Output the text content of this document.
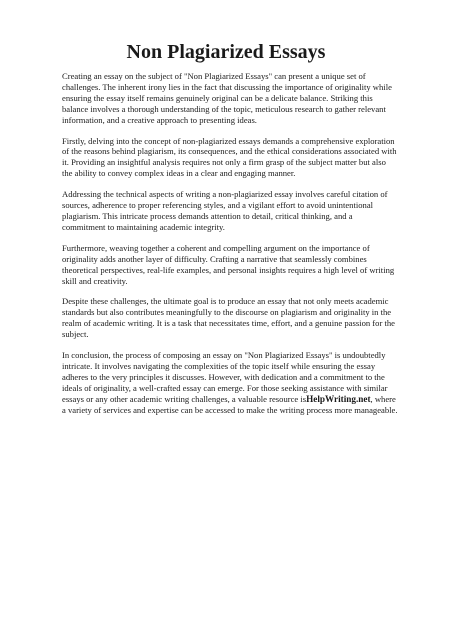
Non Plagiarized Essays

Creating an essay on the subject of "Non Plagiarized Essays" can present a unique set of challenges. The inherent irony lies in the fact that discussing the importance of originality while ensuring the essay itself remains genuinely original can be a delicate balance. Striking this balance involves a thorough understanding of the topic, meticulous research to gather relevant information, and a creative approach to presenting ideas.

Firstly, delving into the concept of non-plagiarized essays demands a comprehensive exploration of the reasons behind plagiarism, its consequences, and the ethical considerations associated with it. Providing an insightful analysis requires not only a firm grasp of the subject matter but also the ability to convey complex ideas in a clear and engaging manner.

Addressing the technical aspects of writing a non-plagiarized essay involves careful citation of sources, adherence to proper referencing styles, and a vigilant effort to avoid unintentional plagiarism. This intricate process demands attention to detail, critical thinking, and a commitment to maintaining academic integrity.

Furthermore, weaving together a coherent and compelling argument on the importance of originality adds another layer of difficulty. Crafting a narrative that seamlessly combines theoretical perspectives, real-life examples, and personal insights requires a high level of writing skill and creativity.

Despite these challenges, the ultimate goal is to produce an essay that not only meets academic standards but also contributes meaningfully to the discourse on plagiarism and originality in the realm of academic writing. It is a task that necessitates time, effort, and a genuine passion for the subject.

In conclusion, the process of composing an essay on "Non Plagiarized Essays" is undoubtedly intricate. It involves navigating the complexities of the topic itself while ensuring the essay adheres to the very principles it discusses. However, with dedication and a commitment to the ideals of originality, a well-crafted essay can emerge. For those seeking assistance with similar essays or any other academic writing challenges, a valuable resource isHelpWriting.net, where a variety of services and expertise can be accessed to make the writing process more manageable.
